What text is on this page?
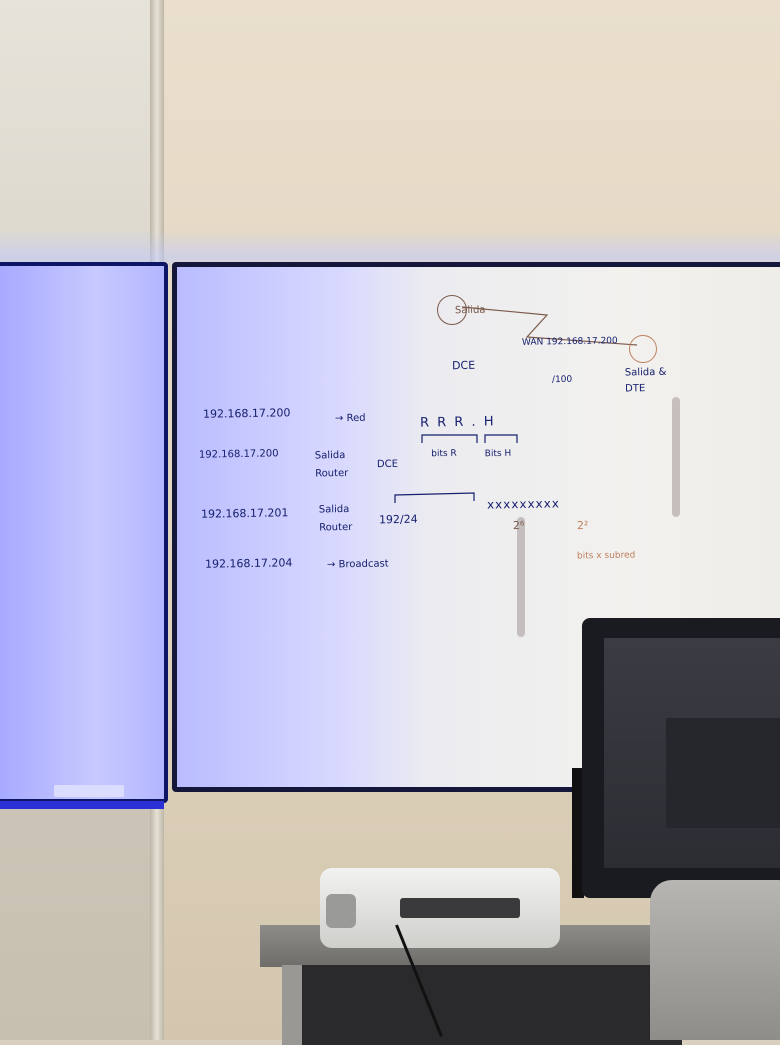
Salida
DCE
WAN 192.168.17.200
/100
Salida & DTE
192.168.17.200	→ Red
192.168.17.200	Salida Router
192.168.17.201	Salida Router
192.168.17.204	→ Broadcast
R R R . H
bits R	Bits H
DCE
192/24
xxxxxxxxx
2⁶	2²
bits x subred
